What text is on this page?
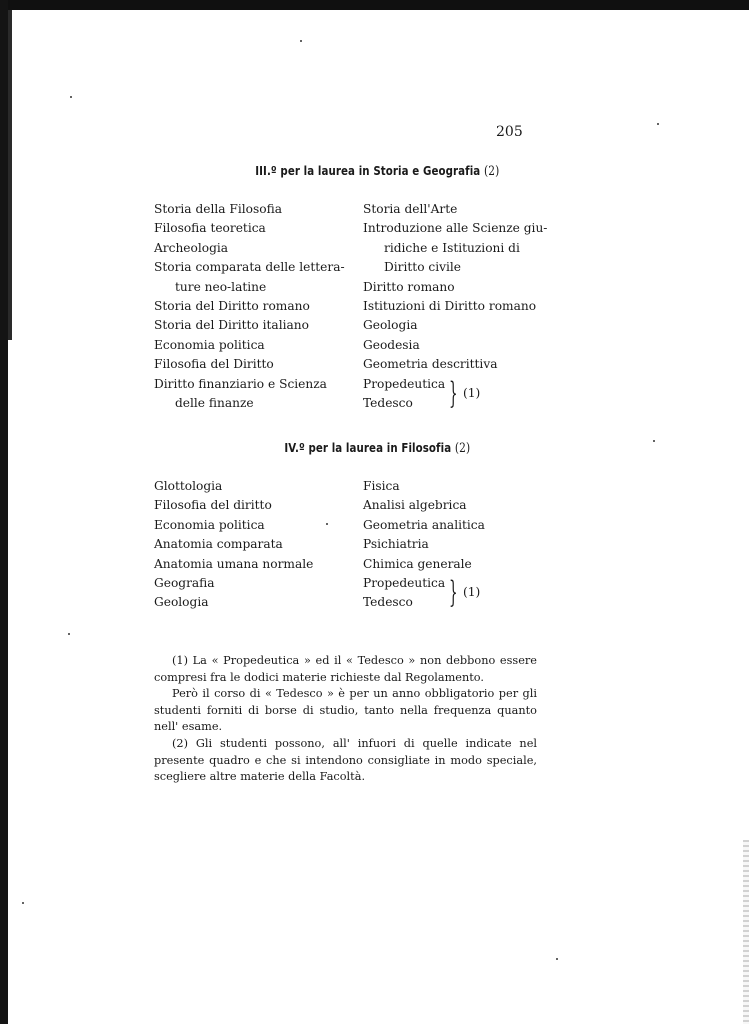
205
III.º per la laurea in Storia e Geografia (2)
Storia della Filosofia
Filosofia teoretica
Archeologia
Storia comparata delle lettera-
ture neo-latine
Storia del Diritto romano
Storia del Diritto italiano
Economia politica
Filosofia del Diritto
Diritto finanziario e Scienza
delle finanze
Storia dell'Arte
Introduzione alle Scienze giu-
ridiche e Istituzioni di
Diritto civile
Diritto romano
Istituzioni di Diritto romano
Geologia
Geodesia
Geometria descrittiva
Propedeutica
Tedesco	} (1)
IV.º per la laurea in Filosofia (2)
Glottologia
Filosofia del diritto
Economia politica
Anatomia comparata
Anatomia umana normale
Geografia
Geologia
Fisica
Analisi algebrica
Geometria analitica
Psichiatria
Chimica generale
Propedeutica
Tedesco	} (1)

(1) La « Propedeutica » ed il « Tedesco » non debbono essere compresi fra le dodici materie richieste dal Regolamento.

Però il corso di « Tedesco » è per un anno obbligatorio per gli studenti forniti di borse di studio, tanto nella frequenza quanto nell' esame.

(2) Gli studenti possono, all' infuori di quelle indicate nel presente quadro e che si intendono consigliate in modo speciale, scegliere altre materie della Facoltà.
